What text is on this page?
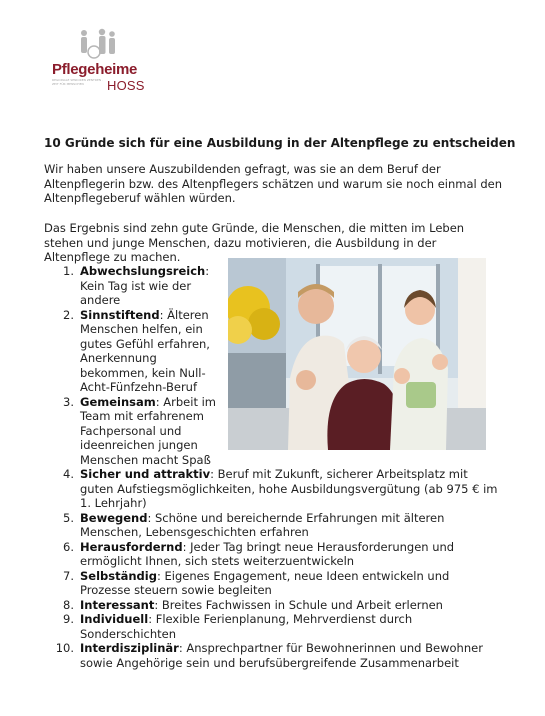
Pflegeheime
REGIONALE SENIOREN ZENTREN · ZEIT FÜR MENSCHEN	HOSS
10 Gründe sich für eine Ausbildung in der Altenpflege zu entscheiden

Wir haben unsere Auszubildenden gefragt, was sie an dem Beruf der Altenpflegerin bzw. des Altenpflegers schätzen und warum sie noch einmal den Altenpflegeberuf wählen würden.

Das Ergebnis sind zehn gute Gründe, die Menschen, die mitten im Leben stehen und junge Menschen, dazu motivieren, die Ausbildung in der Altenpflege zu machen.

1. Abwechslungsreich: Kein Tag ist wie der andere
2. Sinnstiftend: Älteren Menschen helfen, ein gutes Gefühl erfahren, Anerkennung bekommen, kein Null-Acht-Fünfzehn-Beruf
3. Gemeinsam: Arbeit im Team mit erfahrenem Fachpersonal und ideenreichen jungen Menschen macht Spaß
4. Sicher und attraktiv: Beruf mit Zukunft, sicherer Arbeitsplatz mit guten Aufstiegsmöglichkeiten, hohe Ausbildungsvergütung (ab 975 € im 1. Lehrjahr)
5. Bewegend: Schöne und bereichernde Erfahrungen mit älteren Menschen, Lebensgeschichten erfahren
6. Herausfordernd: Jeder Tag bringt neue Herausforderungen und ermöglicht Ihnen, sich stets weiterzuentwickeln
7. Selbständig: Eigenes Engagement, neue Ideen entwickeln und Prozesse steuern sowie begleiten
8. Interessant: Breites Fachwissen in Schule und Arbeit erlernen
9. Individuell: Flexible Ferienplanung, Mehrverdienst durch Sonderschichten
10. Interdisziplinär: Ansprechpartner für Bewohnerinnen und Bewohner sowie Angehörige sein und berufsübergreifende Zusammenarbeit
